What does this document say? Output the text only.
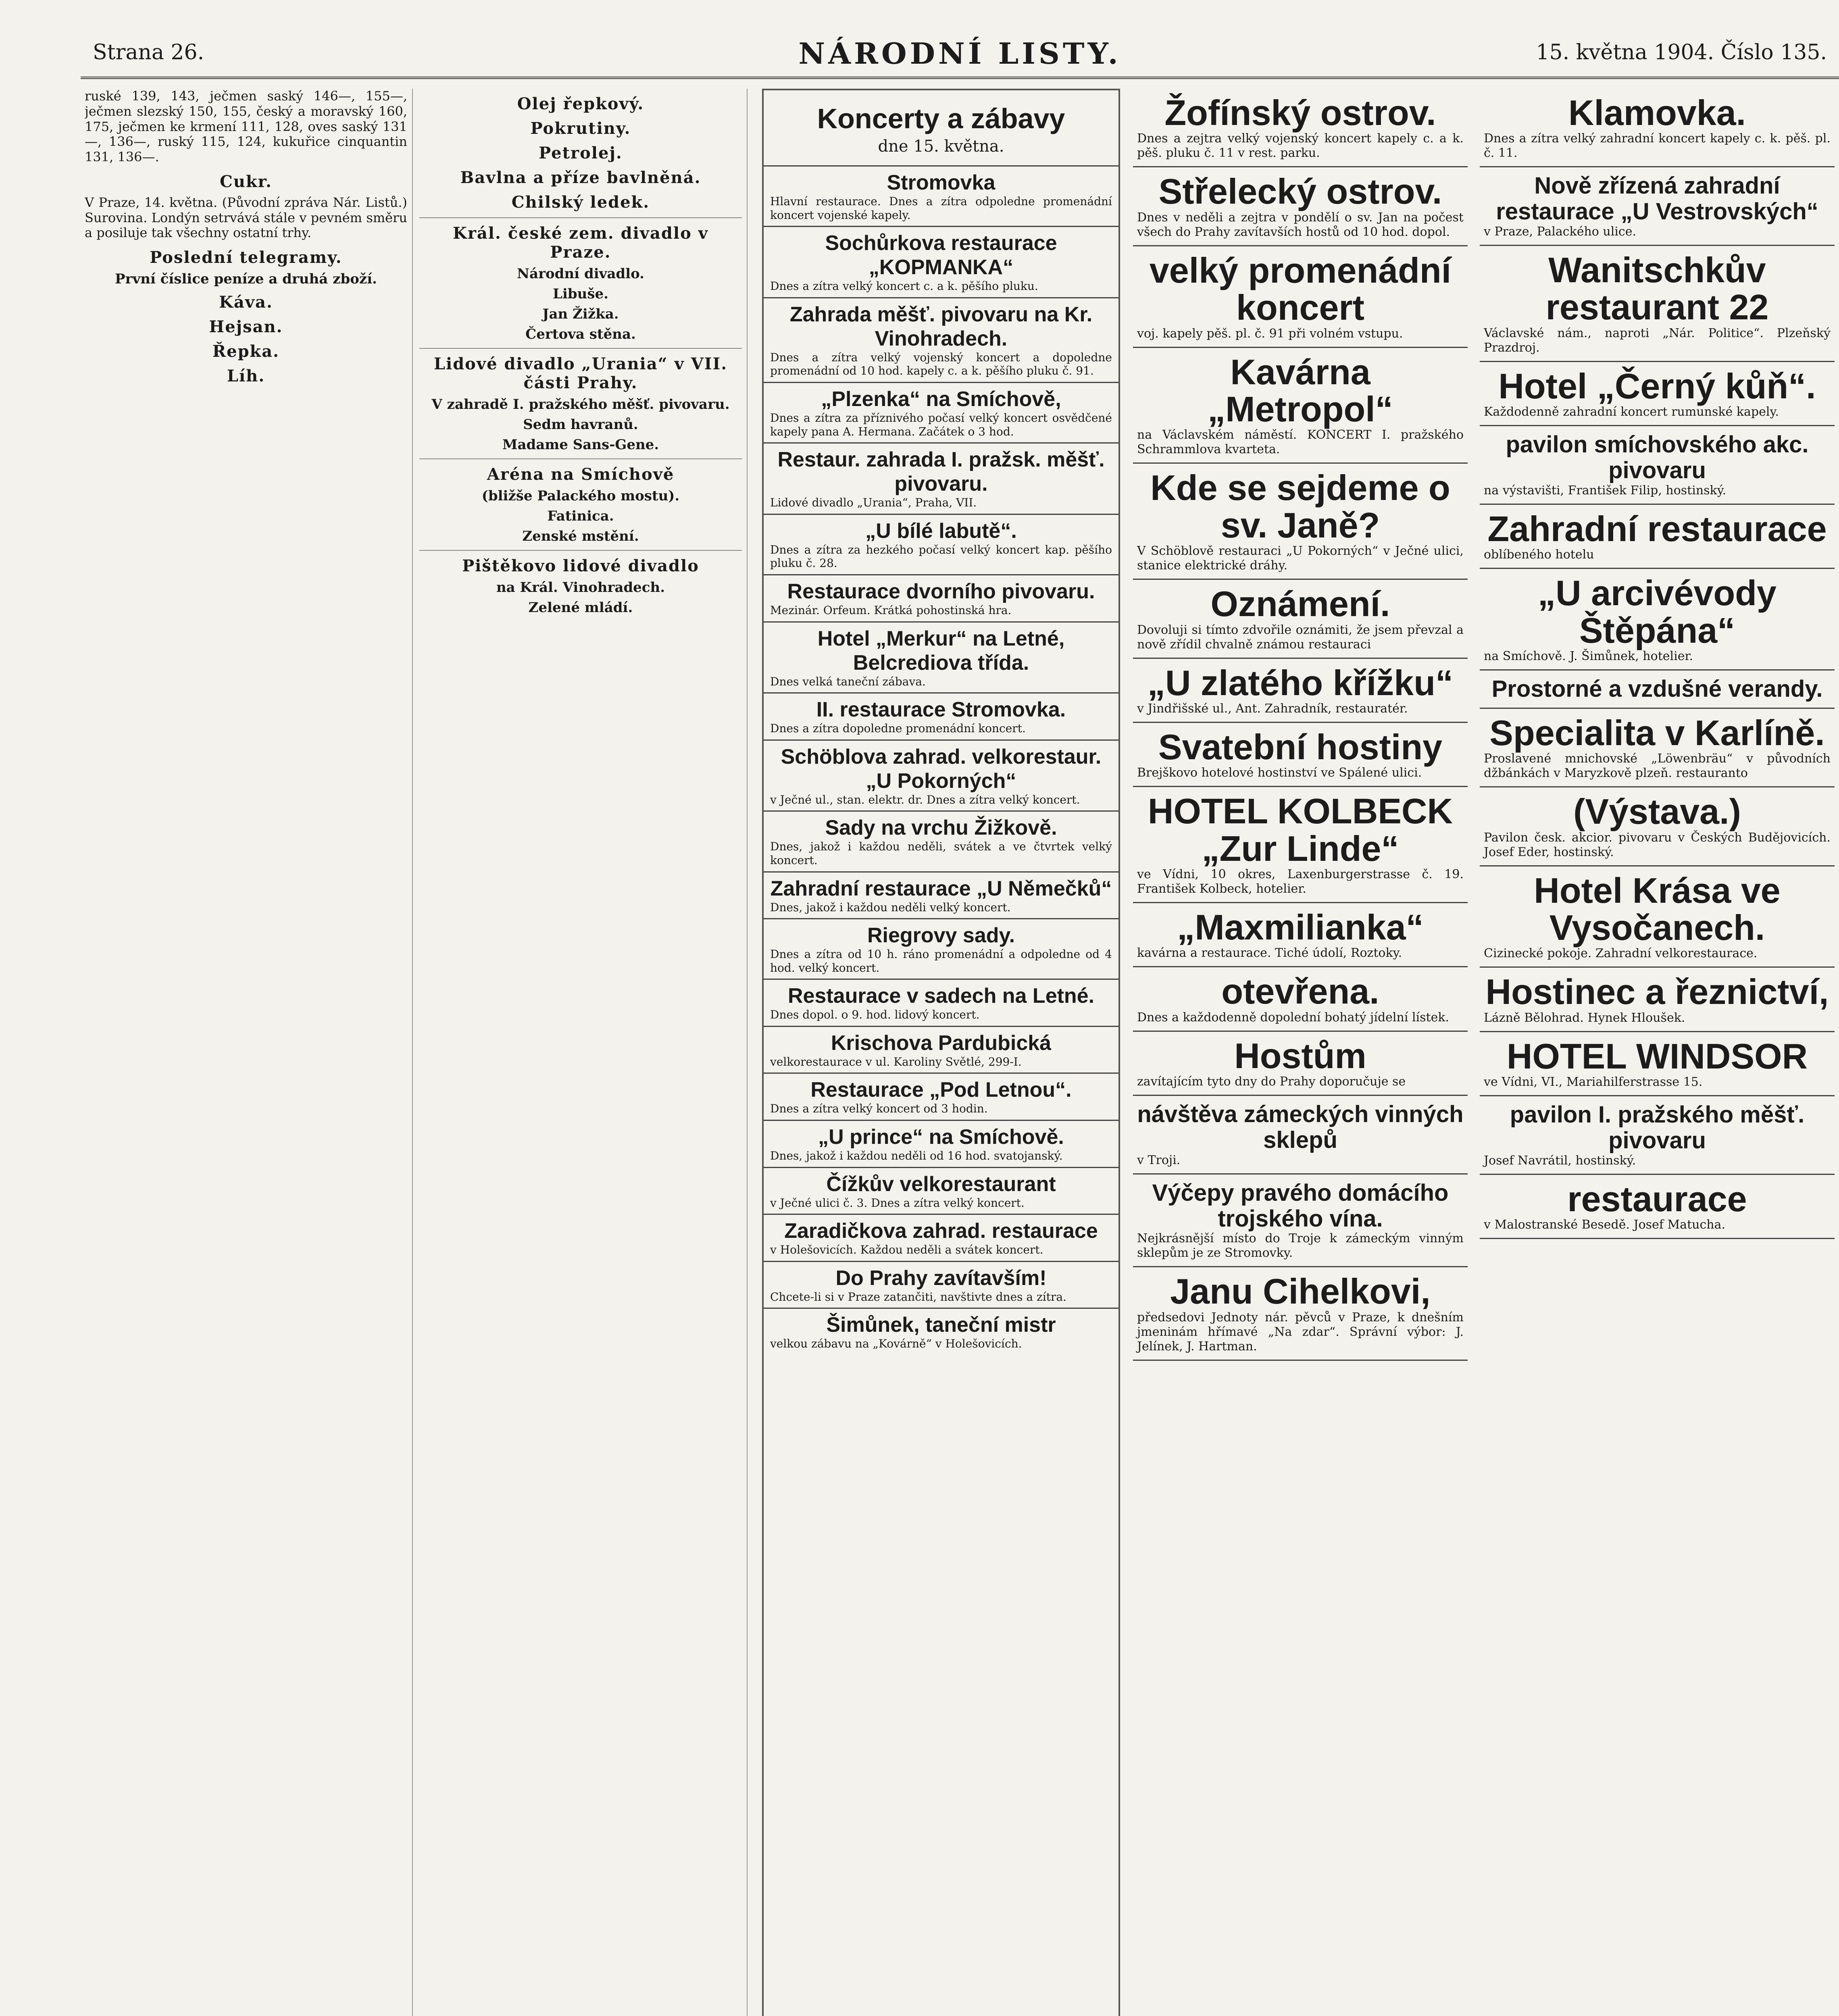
Strana 26.	NÁRODNÍ LISTY.	15. května 1904. Číslo 135.

ruské 139, 143, ječmen saský 146—, 155—, ječmen slezský 150, 155, český a moravský 160, 175, ječmen ke krmení 111, 128, oves saský 131—, 136—, ruský 115, 124, kukuřice cinquantin 131, 136—.

Cukr.

V Praze, 14. května. (Původní zpráva Nár. Listů.) Surovina. Londýn setrvává stále v pevném směru a posiluje tak všechny ostatní trhy.

Poslední telegramy.
První číslice peníze a druhá zboží.
Káva.
Hejsan.
Řepka.
Líh.
Olej řepkový.
Pokrutiny.
Petrolej.
Bavlna a příze bavlněná.
Chilský ledek.
Král. české zem. divadlo v Praze.
Národní divadlo.
Libuše.
Jan Žižka.
Čertova stěna.
Lidové divadlo „Urania“ v VII. části Prahy.
V zahradě I. pražského měšť. pivovaru.
Sedm havranů.
Madame Sans-Gene.
Aréna na Smíchově
(bližše Palackého mostu).
Fatinica.
Zenské mstění.
Pištěkovo lidové divadlo
na Král. Vinohradech.
Zelené mládí.
Koncerty a zábavy
dne 15. května.
Stromovka
Hlavní restaurace. Dnes a zítra odpoledne promenádní koncert vojenské kapely.
Sochůrkova restaurace „KOPMANKA“
Dnes a zítra velký koncert c. a k. pěšího pluku.
Zahrada měšť. pivovaru na Kr. Vinohradech.
Dnes a zítra velký vojenský koncert a dopoledne promenádní od 10 hod. kapely c. a k. pěšího pluku č. 91.
„Plzenka“ na Smíchově,
Dnes a zítra za příznivého počasí velký koncert osvědčené kapely pana A. Hermana. Začátek o 3 hod.
Restaur. zahrada I. pražsk. měšť. pivovaru.
Lidové divadlo „Urania“, Praha, VII.
„U bílé labutě“.
Dnes a zítra za hezkého počasí velký koncert kap. pěšího pluku č. 28.
Restaurace dvorního pivovaru.
Mezinár. Orfeum. Krátká pohostinská hra.
Hotel „Merkur“ na Letné, Belcrediova třída.
Dnes velká taneční zábava.
II. restaurace Stromovka.
Dnes a zítra dopoledne promenádní koncert.
Schöblova zahrad. velkorestaur. „U Pokorných“
v Ječné ul., stan. elektr. dr. Dnes a zítra velký koncert.
Sady na vrchu Žižkově.
Dnes, jakož i každou neděli, svátek a ve čtvrtek velký koncert.
Zahradní restaurace „U Němečků“
Dnes, jakož i každou neděli velký koncert.
Riegrovy sady.
Dnes a zítra od 10 h. ráno promenádní a odpoledne od 4 hod. velký koncert.
Restaurace v sadech na Letné.
Dnes dopol. o 9. hod. lidový koncert.
Krischova Pardubická
velkorestaurace v ul. Karoliny Světlé, 299-I.
Restaurace „Pod Letnou“.
Dnes a zítra velký koncert od 3 hodin.
„U prince“ na Smíchově.
Dnes, jakož i každou neděli od 16 hod. svatojanský.
Čížkův velkorestaurant
v Ječné ulici č. 3. Dnes a zítra velký koncert.
Zaradičkova zahrad. restaurace
v Holešovicích. Každou neděli a svátek koncert.
Do Prahy zavítavším!
Chcete-li si v Praze zatančiti, navštivte dnes a zítra.
Šimůnek, taneční mistr
velkou zábavu na „Kovárně“ v Holešovicích.
Žofínský ostrov.
Dnes a zejtra velký vojenský koncert kapely c. a k. pěš. pluku č. 11 v rest. parku.
Střelecký ostrov.
Dnes v neděli a zejtra v pondělí o sv. Jan na počest všech do Prahy zavítavších hostů od 10 hod. dopol.
velký promenádní koncert
voj. kapely pěš. pl. č. 91 při volném vstupu.
Kavárna „Metropol“
na Václavském náměstí. KONCERT I. pražského Schrammlova kvarteta.
Kde se sejdeme o sv. Janě?
V Schöblově restauraci „U Pokorných“ v Ječné ulici, stanice elektrické dráhy.
Oznámení.
Dovoluji si tímto zdvořile oznámiti, že jsem převzal a nově zřídil chvalně známou restauraci
„U zlatého křížku“
v Jindřišské ul., Ant. Zahradník, restauratér.
Svatební hostiny
Brejškovo hotelové hostinství ve Spálené ulici.
HOTEL KOLBECK „Zur Linde“
ve Vídni, 10 okres, Laxenburgerstrasse č. 19. František Kolbeck, hotelier.
„Maxmilianka“
kavárna a restaurace. Tiché údolí, Roztoky.
otevřena.
Dnes a každodenně dopolední bohatý jídelní lístek.
Hostům
zavítajícím tyto dny do Prahy doporučuje se
návštěva zámeckých vinných sklepů
v Troji.
Výčepy pravého domácího trojského vína.
Nejkrásnější místo do Troje k zámeckým vinným sklepům je ze Stromovky.
Janu Cihelkovi,
předsedovi Jednoty nár. pěvců v Praze, k dnešním jmeninám hřímavé „Na zdar“. Správní výbor: J. Jelínek, J. Hartman.
Klamovka.
Dnes a zítra velký zahradní koncert kapely c. k. pěš. pl. č. 11.
Nově zřízená zahradní restaurace „U Vestrovských“
v Praze, Palackého ulice.
Wanitschkův restaurant 22
Václavské nám., naproti „Nár. Politice“. Plzeňský Prazdroj.
Hotel „Černý kůň“.
Každodenně zahradní koncert rumunské kapely.
pavilon smíchovského akc. pivovaru
na výstavišti, František Filip, hostinský.
Zahradní restaurace
oblíbeného hotelu
„U arcivévody Štěpána“
na Smíchově. J. Šimůnek, hotelier.
Prostorné a vzdušné verandy.
Specialita v Karlíně.
Proslavené mnichovské „Löwenbräu“ v původních džbánkách v Maryzkově plzeň. restauranto
(Výstava.)
Pavilon česk. akcior. pivovaru v Českých Budějovicích. Josef Eder, hostinský.
Hotel Krása ve Vysočanech.
Cizinecké pokoje. Zahradní velkorestaurace.
Hostinec a řeznictví,
Lázně Bělohrad. Hynek Hloušek.
HOTEL WINDSOR
ve Vídni, VI., Mariahilferstrasse 15.
pavilon I. pražského měšť. pivovaru
Josef Navrátil, hostinský.
restaurace
v Malostranské Besedě. Josef Matucha.
